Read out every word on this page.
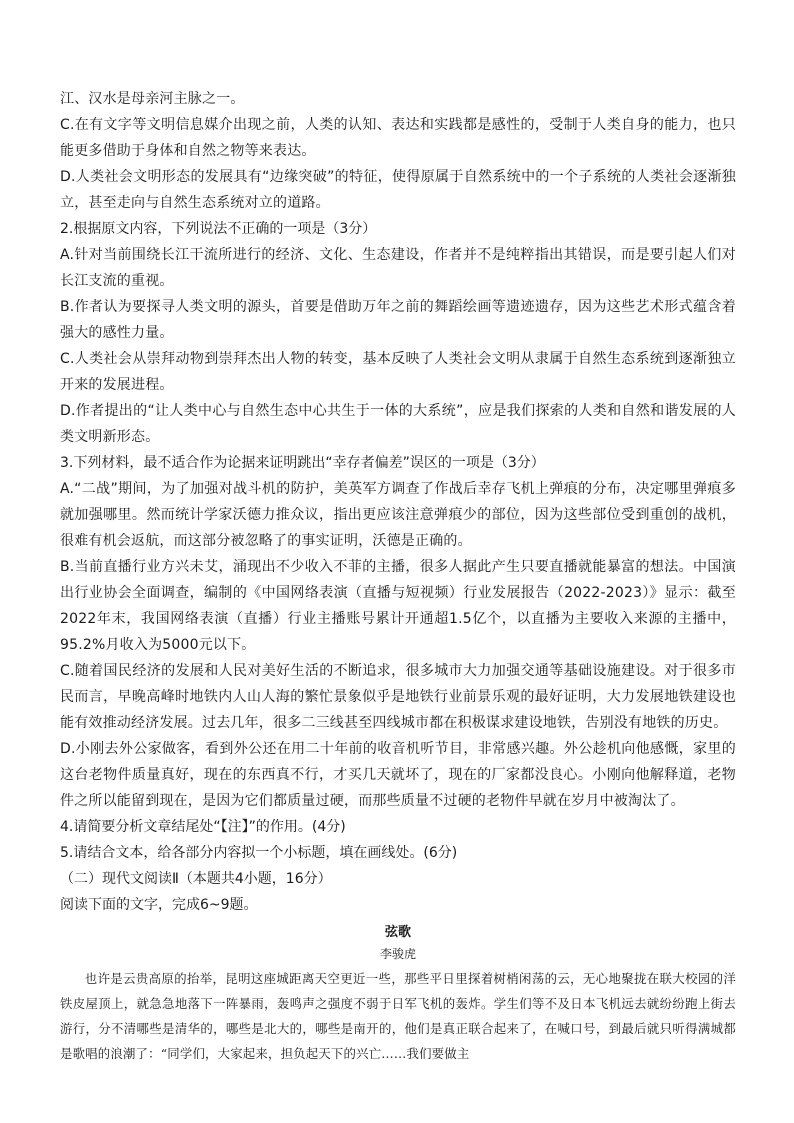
江、汉水是母亲河主脉之一。

C.在有文字等文明信息媒介出现之前，人类的认知、表达和实践都是感性的，受制于人类自身的能力，也只能更多借助于身体和自然之物等来表达。

D.人类社会文明形态的发展具有“边缘突破”的特征，使得原属于自然系统中的一个子系统的人类社会逐渐独立，甚至走向与自然生态系统对立的道路。

2.根据原文内容，下列说法不正确的一项是（3分）

A.针对当前围绕长江干流所进行的经济、文化、生态建设，作者并不是纯粹指出其错误，而是要引起人们对长江支流的重视。

B.作者认为要探寻人类文明的源头，首要是借助万年之前的舞蹈绘画等遗迹遗存，因为这些艺术形式蕴含着强大的感性力量。

C.人类社会从崇拜动物到崇拜杰出人物的转变，基本反映了人类社会文明从隶属于自然生态系统到逐渐独立开来的发展进程。

D.作者提出的“让人类中心与自然生态中心共生于一体的大系统”，应是我们探索的人类和自然和谐发展的人类文明新形态。

3.下列材料，最不适合作为论据来证明跳出“幸存者偏差”误区的一项是（3分）

A.“二战”期间，为了加强对战斗机的防护，美英军方调查了作战后幸存飞机上弹痕的分布，决定哪里弹痕多就加强哪里。然而统计学家沃德力推众议，指出更应该注意弹痕少的部位，因为这些部位受到重创的战机，很难有机会返航，而这部分被忽略了的事实证明，沃德是正确的。

B.当前直播行业方兴未艾，涌现出不少收入不菲的主播，很多人据此产生只要直播就能暴富的想法。中国演出行业协会全面调查，编制的《中国网络表演（直播与短视频）行业发展报告（2022-2023）》显示：截至2022年末，我国网络表演（直播）行业主播账号累计开通超1.5亿个，以直播为主要收入来源的主播中，95.2%月收入为5000元以下。

C.随着国民经济的发展和人民对美好生活的不断追求，很多城市大力加强交通等基础设施建设。对于很多市民而言，早晚高峰时地铁内人山人海的繁忙景象似乎是地铁行业前景乐观的最好证明，大力发展地铁建设也能有效推动经济发展。过去几年，很多二三线甚至四线城市都在积极谋求建设地铁，告别没有地铁的历史。

D.小刚去外公家做客，看到外公还在用二十年前的收音机听节目，非常感兴趣。外公趁机向他感慨，家里的这台老物件质量真好，现在的东西真不行，才买几天就坏了，现在的厂家都没良心。小刚向他解释道，老物件之所以能留到现在，是因为它们都质量过硬，而那些质量不过硬的老物件早就在岁月中被淘汰了。

4.请简要分析文章结尾处“【注】”的作用。(4分)

5.请结合文本，给各部分内容拟一个小标题，填在画线处。(6分)

（二）现代文阅读Ⅱ（本题共4小题，16分）

阅读下面的文字，完成6~9题。

弦歌

李骏虎

也许是云贵高原的抬举，昆明这座城距离天空更近一些，那些平日里探着树梢闲荡的云，无心地聚拢在联大校园的洋铁皮屋顶上，就急急地落下一阵暴雨，轰鸣声之强度不弱于日军飞机的轰炸。学生们等不及日本飞机远去就纷纷跑上街去游行，分不清哪些是清华的，哪些是北大的，哪些是南开的，他们是真正联合起来了，在喊口号，到最后就只听得满城都是歌唱的浪潮了：“同学们，大家起来，担负起天下的兴亡……我们要做主
